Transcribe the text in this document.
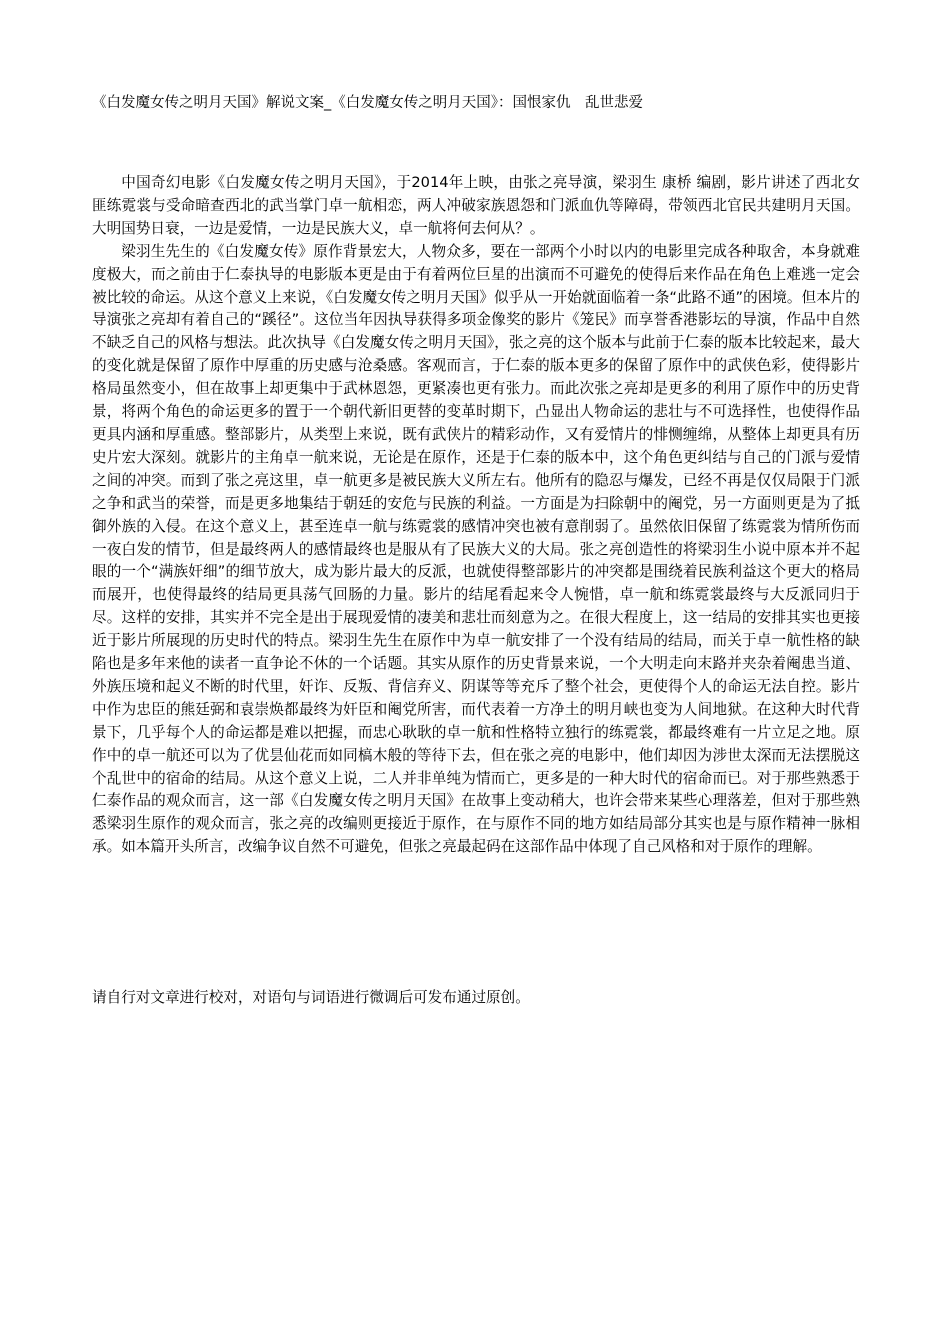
《白发魔女传之明月天国》解说文案_《白发魔女传之明月天国》：国恨家仇　乱世悲爱

中国奇幻电影《白发魔女传之明月天国》，于2014年上映，由张之亮导演，梁羽生 康桥 编剧，影片讲述了西北女匪练霓裳与受命暗查西北的武当掌门卓一航相恋，两人冲破家族恩怨和门派血仇等障碍，带领西北官民共建明月天国。大明国势日衰，一边是爱情，一边是民族大义，卓一航将何去何从？。

梁羽生先生的《白发魔女传》原作背景宏大，人物众多，要在一部两个小时以内的电影里完成各种取舍，本身就难度极大，而之前由于仁泰执导的电影版本更是由于有着两位巨星的出演而不可避免的使得后来作品在角色上难逃一定会被比较的命运。从这个意义上来说，《白发魔女传之明月天国》似乎从一开始就面临着一条“此路不通”的困境。但本片的导演张之亮却有着自己的“蹊径”。这位当年因执导获得多项金像奖的影片《笼民》而享誉香港影坛的导演，作品中自然不缺乏自己的风格与想法。此次执导《白发魔女传之明月天国》，张之亮的这个版本与此前于仁泰的版本比较起来，最大的变化就是保留了原作中厚重的历史感与沧桑感。客观而言，于仁泰的版本更多的保留了原作中的武侠色彩，使得影片格局虽然变小，但在故事上却更集中于武林恩怨，更紧凑也更有张力。而此次张之亮却是更多的利用了原作中的历史背景，将两个角色的命运更多的置于一个朝代新旧更替的变革时期下，凸显出人物命运的悲壮与不可选择性，也使得作品更具内涵和厚重感。整部影片，从类型上来说，既有武侠片的精彩动作，又有爱情片的悱恻缠绵，从整体上却更具有历史片宏大深刻。就影片的主角卓一航来说，无论是在原作，还是于仁泰的版本中，这个角色更纠结与自己的门派与爱情之间的冲突。而到了张之亮这里，卓一航更多是被民族大义所左右。他所有的隐忍与爆发，已经不再是仅仅局限于门派之争和武当的荣誉，而是更多地集结于朝廷的安危与民族的利益。一方面是为扫除朝中的阉党，另一方面则更是为了抵御外族的入侵。在这个意义上，甚至连卓一航与练霓裳的感情冲突也被有意削弱了。虽然依旧保留了练霓裳为情所伤而一夜白发的情节，但是最终两人的感情最终也是服从有了民族大义的大局。张之亮创造性的将梁羽生小说中原本并不起眼的一个“满族奸细”的细节放大，成为影片最大的反派，也就使得整部影片的冲突都是围绕着民族利益这个更大的格局而展开，也使得最终的结局更具荡气回肠的力量。影片的结尾看起来令人惋惜，卓一航和练霓裳最终与大反派同归于尽。这样的安排，其实并不完全是出于展现爱情的凄美和悲壮而刻意为之。在很大程度上，这一结局的安排其实也更接近于影片所展现的历史时代的特点。梁羽生先生在原作中为卓一航安排了一个没有结局的结局，而关于卓一航性格的缺陷也是多年来他的读者一直争论不休的一个话题。其实从原作的历史背景来说，一个大明走向末路并夹杂着阉患当道、外族压境和起义不断的时代里，奸诈、反叛、背信弃义、阴谋等等充斥了整个社会，更使得个人的命运无法自控。影片中作为忠臣的熊廷弼和袁崇焕都最终为奸臣和阉党所害，而代表着一方净土的明月峡也变为人间地狱。在这种大时代背景下，几乎每个人的命运都是难以把握，而忠心耿耿的卓一航和性格特立独行的练霓裳，都最终难有一片立足之地。原作中的卓一航还可以为了优昙仙花而如同槁木般的等待下去，但在张之亮的电影中，他们却因为涉世太深而无法摆脱这个乱世中的宿命的结局。从这个意义上说，二人并非单纯为情而亡，更多是的一种大时代的宿命而已。对于那些熟悉于仁泰作品的观众而言，这一部《白发魔女传之明月天国》在故事上变动稍大，也许会带来某些心理落差，但对于那些熟悉梁羽生原作的观众而言，张之亮的改编则更接近于原作，在与原作不同的地方如结局部分其实也是与原作精神一脉相承。如本篇开头所言，改编争议自然不可避免，但张之亮最起码在这部作品中体现了自己风格和对于原作的理解。

请自行对文章进行校对，对语句与词语进行微调后可发布通过原创。
